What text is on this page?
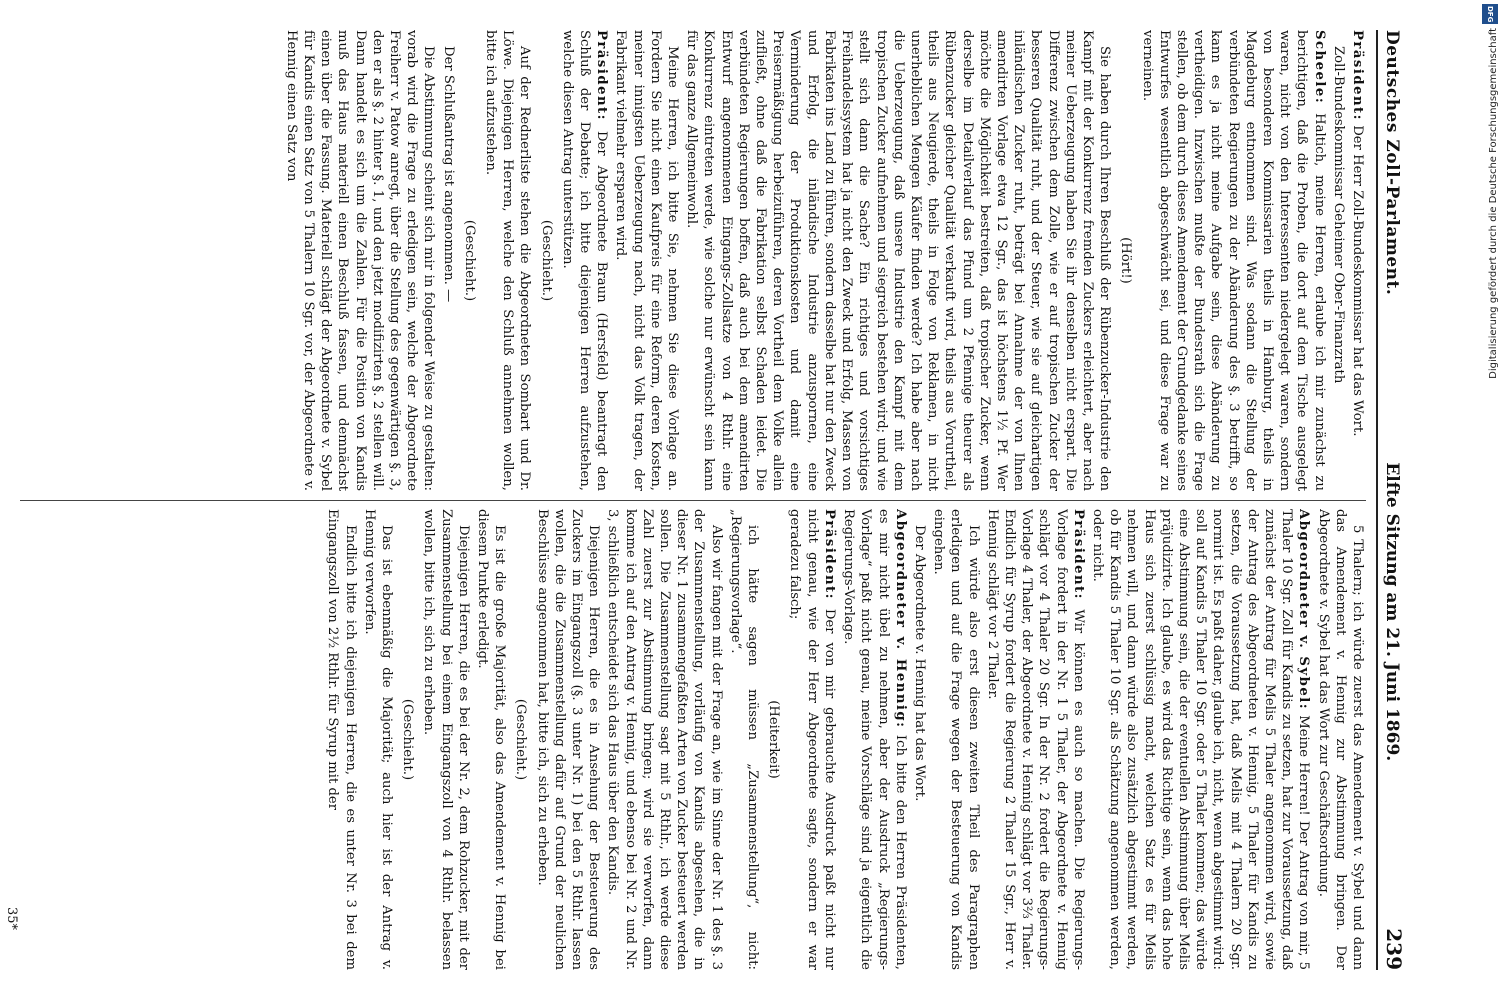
Deutsches Zoll-Parlament.
Elfte Sitzung am 21. Juni 1869.
239

Präsident: Der Herr Zoll-Bundeskommissar hat das Wort.

Zoll-Bundeskommissar Geheimer Ober-Finanzrath

Scheele: Haltich, meine Herren, erlaube ich mir zunächst zu berichtigen, daß die Proben, die dort auf dem Tische ausgelegt waren, nicht von den Interessenten niedergelegt waren, sondern von besonderen Kommissarien theils in Hamburg, theils in Magdeburg entnommen sind. Was sodann die Stellung der verbündeten Regierungen zu der Abänderung des §. 3 betrifft, so kann es ja nicht meine Aufgabe sein, diese Abänderung zu vertheidigen. Inzwischen mußte der Bundesrath sich die Frage stellen, ob dem durch dieses Amendement der Grundgedanke seines Entwurfes wesentlich abgeschwächt sei, und diese Frage war zu verneinen.

(Hört!)

Sie haben durch Ihren Beschluß der Rübenzucker-Industrie den Kampf mit der Konkurrenz fremden Zuckers erleichtert, aber nach meiner Ueberzeugung haben Sie ihr denselben nicht erspart. Die Differenz zwischen dem Zolle, wie er auf tropischen Zucker der besseren Qualität ruht, und der Steuer, wie sie auf gleichartigen inländischen Zucker ruht, beträgt bei Annahme der von Ihnen amendirten Vorlage etwa 12 Sgr., das ist höchstens 1½ Pf. Wer möchte die Möglichkeit bestreiten, daß tropischer Zucker, wenn derselbe im Detailverlauf das Pfund um 2 Pfennige theurer als Rübenzucker gleicher Qualität verkauft wird, theils aus Vorurtheil, theils aus Neugierde, theils in Folge von Reklamen, in nicht unerheblichen Mengen Käufer finden werde? Ich habe aber nach die Ueberzeugung, daß unsere Industrie den Kampf mit dem tropischen Zucker aufnehmen und siegreich bestehen wird; und wie stellt sich dann die Sache? Ein richtiges und vorsichtiges Freihandelssystem hat ja nicht den Zweck und Erfolg, Massen von Fabrikaten ins Land zu führen, sondern dasselbe hat nur den Zweck und Erfolg, die inländische Industrie anzuspornen, eine Verminderung der Produktionskosten und damit eine Preisermäßigung herbeizuführen, deren Vortheil dem Volke allein zufließt, ohne daß die Fabrikation selbst Schaden leidet. Die verbündeten Regierungen boffen, daß auch bei dem amendirten Entwurf angenommenen Eingangs-Zollsatze von 4 Rthlr. eine Konkurrenz eintreten werde, wie solche nur erwünscht sein kann für das ganze Allgemeinwohl.

Meine Herren, ich bitte Sie, nehmen Sie diese Vorlage an. Fordern Sie nicht einen Kaufpreis für eine Reform, deren Kosten, meiner innigsten Ueberzeugung nach, nicht das Volk tragen, der Fabrikant vielmehr ersparen wird.

Präsident: Der Abgeordnete Braun (Hersfeld) beantragt den Schluß der Debatte; ich bitte diejenigen Herren aufzustehen, welche diesen Antrag unterstützen.

(Geschieht.)

Auf der Rednerliste stehen die Abgeordneten Sombart und Dr. Löwe. Diejenigen Herren, welche den Schluß annehmen wollen, bitte ich aufzustehen.

(Geschieht.)

Der Schlußantrag ist angenommen. —

Die Abstimmung scheint sich mir in folgender Weise zu gestalten: vorab wird die Frage zu erledigen sein, welche der Abgeordnete Freiherr v. Patow anregt, über die Stellung des gegenwärtigen §. 3, den er als §. 2 hinter §. 1, und den jetzt modifizirten §. 2 stellen will. Dann handelt es sich um die Zahlen. Für die Position von Kandis muß das Haus materiell einen Beschluß fassen, und demnächst einen über die Fassung. Materiell schlägt der Abgeordnete v. Sybel für Kandis einen Satz von 5 Thalern 10 Sgr. vor, der Abgeordnete v. Hennig einen Satz von

5 Thalern; ich würde zuerst das Amendement v. Sybel und dann das Amendement v. Hennig zur Abstimmung bringen. Der Abgeordnete v. Sybel hat das Wort zur Geschäftsordnung.

Abgeordneter v. Sybel: Meine Herren! Der Antrag von mir, 5 Thaler 10 Sgr. Zoll für Kandis zu setzen, hat zur Voraussetzung, daß zunächst der Antrag für Melis 5 Thaler angenommen wird, sowie der Antrag des Abgeordneten v. Hennig, 5 Thaler für Kandis zu setzen, die Voraussetzung hat, daß Melis mit 4 Thalern 20 Sgr. normirt ist. Es paßt daher, glaube ich, nicht, wenn abgestimmt wird: soll auf Kandis 5 Thaler 10 Sgr. oder 5 Thaler kommen; das würde eine Abstimmung sein, die der eventuellen Abstimmung über Melis präjudizirte. Ich glaube, es wird das Richtige sein, wenn das hohe Haus sich zuerst schlüssig macht, welchen Satz es für Melis nehmen will, und dann würde also zusätzlich abgestimmt werden, ob für Kandis 5 Thaler 10 Sgr. als Schätzung angenommen werden, oder nicht.

Präsident: Wir können es auch so machen. Die Regierungs-Vorlage fordert in der Nr. 1 5 Thaler, der Abgeordnete v. Hennig schlägt vor 4 Thaler 20 Sgr. In der Nr. 2 fordert die Regierungs-Vorlage 4 Thaler, der Abgeordnete v. Hennig schlägt vor 3⅔ Thaler. Endlich für Syrup fordert die Regierung 2 Thaler 15 Sgr., Herr v. Hennig schlägt vor 2 Thaler.

Ich würde also erst diesen zweiten Theil des Paragraphen erledigen und auf die Frage wegen der Besteuerung von Kandis eingehen.

Der Abgeordnete v. Hennig hat das Wort.

Abgeordneter v. Hennig: Ich bitte den Herren Präsidenten, es mir nicht übel zu nehmen, aber der Ausdruck „Regierungs-Vorlage“ paßt nicht genau, meine Vorschläge sind ja eigentlich die Regierungs-Vorlage.

Präsident: Der von mir gebrauchte Ausdruck paßt nicht nur nicht genau, wie der Herr Abgeordnete sagte, sondern er war geradezu falsch;

(Heiterkeit)

ich hätte sagen müssen „Zusammenstellung“, nicht: „Regierungsvorlage“.

Also wir fangen mit der Frage an, wie im Sinne der Nr. 1 des §. 3 der Zusammenstellung, vorläufig von Kandis abgesehen, die in dieser Nr. 1 zusammengefaßten Arten von Zucker besteuert werden sollen. Die Zusammenstellung sagt mit 5 Rthlr., ich werde diese Zahl zuerst zur Abstimmung bringen; wird sie verworfen, dann komme ich auf den Antrag v. Hennig, und ebenso bei Nr. 2 und Nr. 3, schließlich entscheidet sich das Haus über den Kandis.

Diejenigen Herren, die es in Ansehung der Besteuerung des Zuckers im Eingangszoll (§. 3 unter Nr. 1) bei den 5 Rthlr. lassen wollen, die die Zusammenstellung dafür auf Grund der neulichen Beschlüsse angenommen hat, bitte ich, sich zu erheben.

(Geschieht.)

Es ist die große Majorität, also das Amendement v. Hennig bei diesem Punkte erledigt.

Diejenigen Herren, die es bei der Nr. 2, dem Rohzucker, mit der Zusammenstellung bei einem Eingangszoll von 4 Rthlr. belassen wollen, bitte ich, sich zu erheben.

(Geschieht.)

Das ist ebenmäßig die Majorität; auch hier ist der Antrag v. Hennig verworfen.

Endlich bitte ich diejenigen Herren, die es unter Nr. 3 bei dem Eingangszoll von 2½ Rthlr. für Syrup mit der

35*
DFG
Digitalisierung gefördert durch die Deutsche Forschungsgemeinschaft
